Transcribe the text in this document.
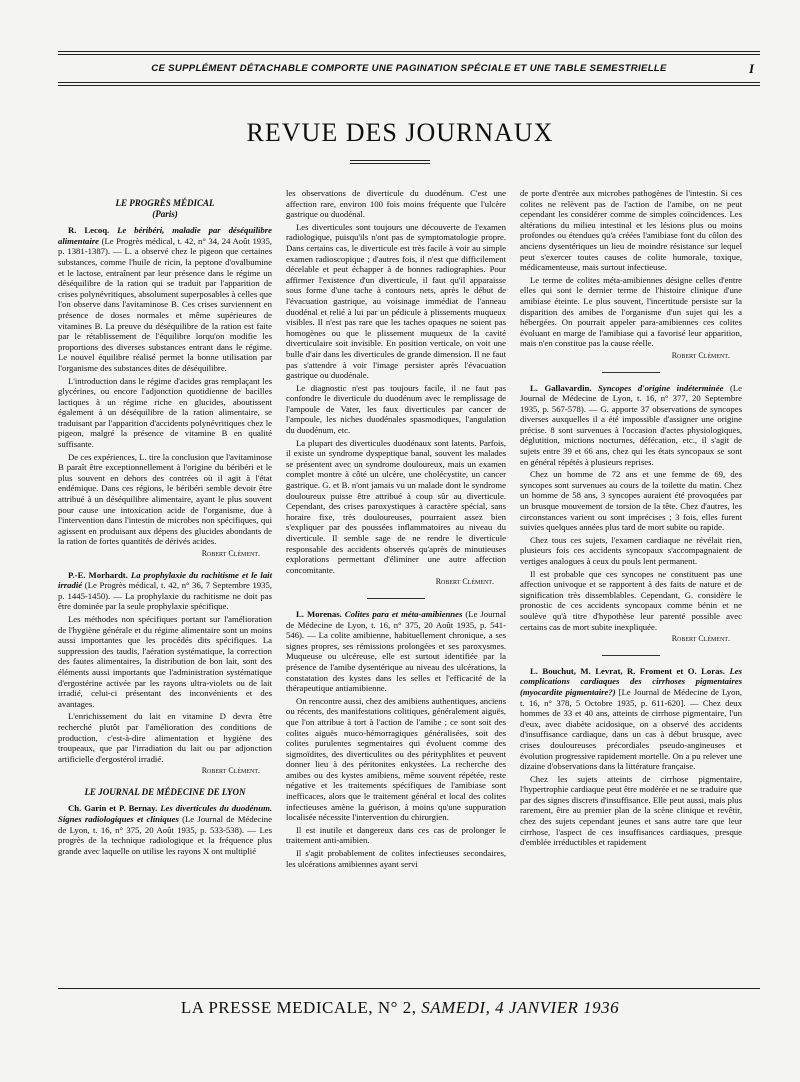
CE SUPPLÉMENT DÉTACHABLE COMPORTE UNE PAGINATION SPÉCIALE ET UNE TABLE SEMESTRIELLE	I
REVUE DES JOURNAUX
LE PROGRÈS MÉDICAL
(Paris)

R. Lecoq. Le béribéri, maladie par déséquilibre alimentaire (Le Progrès médical, t. 42, n° 34, 24 Août 1935, p. 1381-1387). — L. a observé chez le pigeon que certaines substances, comme l'huile de ricin, la peptone d'ovalbumine et le lactose, entraînent par leur présence dans le régime un déséquilibre de la ration qui se traduit par l'apparition de crises polynévritiques, absolument superposables à celles que l'on observe dans l'avitaminose B. Ces crises surviennent en présence de doses normales et même supérieures de vitamines B. La preuve du déséquilibre de la ration est faite par le rétablissement de l'équilibre lorqu'on modifie les proportions des diverses substances entrant dans le régime. Le nouvel équilibre réalisé permet la bonne utilisation par l'organisme des substances dites de déséquilibre.

L'introduction dans le régime d'acides gras remplaçant les glycérines, ou encore l'adjonction quotidienne de bacilles lactiques à un régime riche en glucides, aboutissent également à un déséquilibre de la ration alimentaire, se traduisant par l'apparition d'accidents polynévritiques chez le pigeon, malgré la présence de vitamine B en qualité suffisante.

De ces expériences, L. tire la conclusion que l'avitaminose B paraît être exceptionnellement à l'origine du béribéri et le plus souvent en dehors des contrées où il agit à l'état endémique. Dans ces régions, le béribéri semble devoir être attribué à un déséquilibre alimentaire, ayant le plus souvent pour cause une intoxication acide de l'organisme, due à l'intervention dans l'intestin de microbes non spécifiques, qui agissent en produisant aux dépens des glucides abondants de la ration de fortes quantités de dérivés acides.

Robert Clément.

P.-E. Morhardt. La prophylaxie du rachitisme et le lait irradié (Le Progrès médical, t. 42, n° 36, 7 Septembre 1935, p. 1445-1450). — La prophylaxie du rachitisme ne doit pas être dominée par la seule prophylaxie spécifique.

Les méthodes non spécifiques portant sur l'amélioration de l'hygiène générale et du régime alimentaire sont un moins aussi importantes que les procédés dits spécifiques. La suppression des taudis, l'aération systématique, la correction des fautes alimentaires, la distribution de bon lait, sont des éléments aussi importants que l'administration systématique d'ergostérine activée par les rayons ultra-violets ou de lait irradié, celui-ci présentant des inconvénients et des avantages.

L'enrichissement du lait en vitamine D devra être recherché plutôt par l'amélioration des conditions de production, c'est-à-dire alimentation et hygiène des troupeaux, que par l'irradiation du lait ou par adjonction artificielle d'ergostérol irradié.

Robert Clément.
LE JOURNAL DE MÉDECINE DE LYON

Ch. Garin et P. Bernay. Les diverticules du duodénum. Signes radiologiques et cliniques (Le Journal de Médecine de Lyon, t. 16, n° 375, 20 Août 1935, p. 533-538). — Les progrès de la technique radiologique et la fréquence plus grande avec laquelle on utilise les rayons X ont multiplié

les observations de diverticule du duodénum. C'est une affection rare, environ 100 fois moins fréquente que l'ulcère gastrique ou duodénal.

Les diverticules sont toujours une découverte de l'examen radiologique, puisqu'ils n'ont pas de symptomatologie propre. Dans certains cas, le diverticule est très facile à voir au simple examen radioscopique ; d'autres fois, il n'est que difficilement décelable et peut échapper à de bonnes radiographies. Pour affirmer l'existence d'un diverticule, il faut qu'il apparaisse sous forme d'une tache à contours nets, après le début de l'évacuation gastrique, au voisinage immédiat de l'anneau duodénal et relié à lui par un pédicule à plissements muqueux visibles. Il n'est pas rare que les taches opaques ne soient pas homogènes ou que le plissement muqueux de la cavité diverticulaire soit invisible. En position verticale, on voit une bulle d'air dans les diverticules de grande dimension. Il ne faut pas s'attendre à voir l'image persister après l'évacuation gastrique ou duodénale.

Le diagnostic n'est pas toujours facile, il ne faut pas confondre le diverticule du duodénum avec le remplissage de l'ampoule de Vater, les faux diverticules par cancer de l'ampoule, les niches duodénales spasmodiques, l'angulation du duodénum, etc.

La plupart des diverticules duodénaux sont latents. Parfois, il existe un syndrome dyspeptique banal, souvent les malades se présentent avec un syndrome douloureux, mais un examen complet montre à côté un ulcère, une cholécystite, un cancer gastrique. G. et B. n'ont jamais vu un malade dont le syndrome douloureux puisse être attribué à coup sûr au diverticule. Cependant, des crises paroxystiques à caractère spécial, sans horaire fixe, très douloureuses, pourraient assez bien s'expliquer par des poussées inflammatoires au niveau du diverticule. Il semble sage de ne rendre le diverticule responsable des accidents observés qu'après de minutieuses explorations permettant d'éliminer une autre affection concomitante.

Robert Clément.

L. Morenas. Colites para et méta-amibiennes (Le Journal de Médecine de Lyon, t. 16, n° 375, 20 Août 1935, p. 541-546). — La colite amibienne, habituellement chronique, a ses signes propres, ses rémissions prolongées et ses paroxysmes. Muqueuse ou ulcéreuse, elle est surtout identifiée par la présence de l'amibe dysentérique au niveau des ulcérations, la constatation des kystes dans les selles et l'efficacité de la thérapeutique antiamibienne.

On rencontre aussi, chez des amibiens authentiques, anciens ou récents, des manifestations colitiques, généralement aiguës, que l'on attribue à tort à l'action de l'amibe ; ce sont soit des colites aiguës muco-hémorragiques généralisées, soit des colites purulentes segmentaires qui évoluent comme des sigmoïdites, des diverticulites ou des pérityphlites et peuvent donner lieu à des péritonites enkystées. La recherche des amibes ou des kystes amibiens, même souvent répétée, reste négative et les traitements spécifiques de l'amibiase sont inefficaces, alors que le traitement général et local des colites infectieuses amène la guérison, à moins qu'une suppuration localisée nécessite l'intervention du chirurgien.

Il est inutile et dangereux dans ces cas de prolonger le traitement anti-amibien.

Il s'agit probablement de colites infectieuses secondaires, les ulcérations amibiennes ayant servi

de porte d'entrée aux microbes pathogènes de l'intestin. Si ces colites ne relèvent pas de l'action de l'amibe, on ne peut cependant les considérer comme de simples coïncidences. Les altérations du milieu intestinal et les lésions plus ou moins profondes ou étendues qu'a créées l'amibiase font du côlon des anciens dysentériques un lieu de moindre résistance sur lequel peut s'exercer toutes causes de colite humorale, toxique, médicamenteuse, mais surtout infectieuse.

Le terme de colites méta-amibiennes désigne celles d'entre elles qui sont le dernier terme de l'histoire clinique d'une amibiase éteinte. Le plus souvent, l'incertitude persiste sur la disparition des amibes de l'organisme d'un sujet qui les a hébergées. On pourrait appeler para-amibiennes ces colites évoluant en marge de l'amibiase qui a favorisé leur apparition, mais n'en constitue pas la cause réelle.

Robert Clément.

L. Gallavardin. Syncopes d'origine indéterminée (Le Journal de Médecine de Lyon, t. 16, n° 377, 20 Septembre 1935, p. 567-578). — G. apporte 37 observations de syncopes diverses auxquelles il a été impossible d'assigner une origine précise. 8 sont survenues à l'occasion d'actes physiologiques, déglutition, mictions nocturnes, défécation, etc., il s'agit de sujets entre 39 et 66 ans, chez qui les états syncopaux se sont en général répétés à plusieurs reprises.

Chez un homme de 72 ans et une femme de 69, des syncopes sont survenues au cours de la toilette du matin. Chez un homme de 58 ans, 3 syncopes auraient été provoquées par un brusque mouvement de torsion de la tête. Chez d'autres, les circonstances varient ou sont imprécises ; 3 fois, elles furent suivies quelques années plus tard de mort subite ou rapide.

Chez tous ces sujets, l'examen cardiaque ne révélait rien, plusieurs fois ces accidents syncopaux s'accompagnaient de vertiges analogues à ceux du pouls lent permanent.

Il est probable que ces syncopes ne constituent pas une affection univoque et se rapportent à des faits de nature et de signification très dissemblables. Cependant, G. considère le pronostic de ces accidents syncopaux comme bénin et ne soulève qu'à titre d'hypothèse leur parenté possible avec certains cas de mort subite inexpliquée.

Robert Clément.

L. Bouchut, M. Levrat, R. Froment et O. Loras. Les complications cardiaques des cirrhoses pigmentaires (myocardite pigmentaire?) [Le Journal de Médecine de Lyon, t. 16, n° 378, 5 Octobre 1935, p. 611-620]. — Chez deux hommes de 33 et 40 ans, atteints de cirrhose pigmentaire, l'un d'eux, avec diabète acidosique, on a observé des accidents d'insuffisance cardiaque, dans un cas à début brusque, avec crises douloureuses précordiales pseudo-angineuses et évolution progressive rapidement mortelle. On a pu relever une dizaine d'observations dans la littérature française.

Chez les sujets atteints de cirrhose pigmentaire, l'hypertrophie cardiaque peut être modérée et ne se traduire que par des signes discrets d'insuffisance. Elle peut aussi, mais plus rarement, être au premier plan de la scène clinique et revêtir, chez des sujets cependant jeunes et sans autre tare que leur cirrhose, l'aspect de ces insuffisances cardiaques, presque d'emblée irréductibles et rapidement

LA PRESSE MEDICALE, N° 2, SAMEDI, 4 JANVIER 1936
